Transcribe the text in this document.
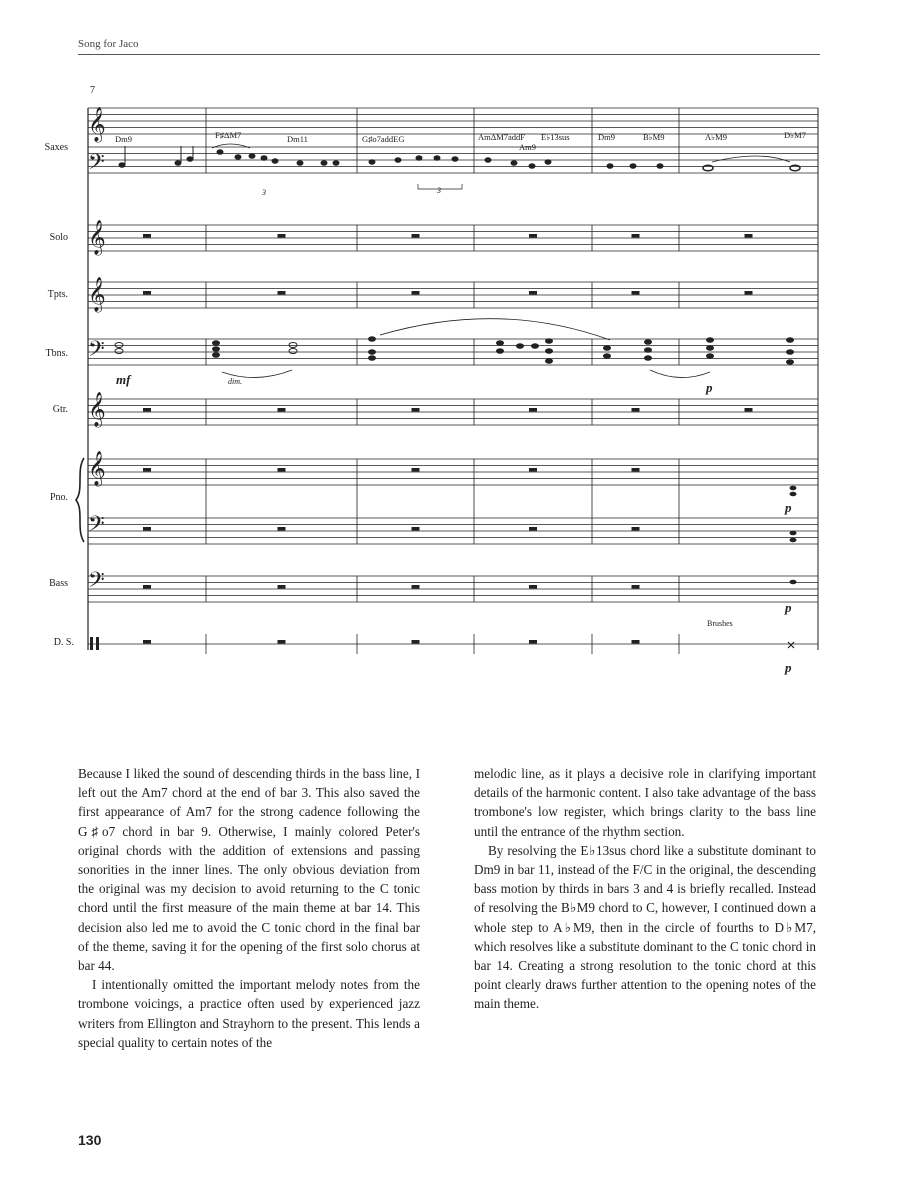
Song for Jaco
Saxes
Solo
Tpts.
Tbns.
Gtr.
Pno.
Bass
D. S.
7
Dm9	F♯ΔM7	Dm11	G♯o7addEG	AmΔM7addF E♭13sus
Am9
Dm9	B♭M9	A♭M9	D♭M7
𝄞
𝄢
𝄞
𝄞
𝄢
𝄞
𝄞
𝄢
𝄢
3
3
mf	dim.	p
p
p
p
Brushes

Because I liked the sound of descending thirds in the bass line, I left out the Am7 chord at the end of bar 3. This also saved the first appearance of Am7 for the strong cadence following the G♯o7 chord in bar 9. Otherwise, I mainly colored Peter's original chords with the addition of extensions and passing sonorities in the inner lines. The only obvious deviation from the original was my decision to avoid returning to the C tonic chord until the first measure of the main theme at bar 14. This decision also led me to avoid the C tonic chord in the final bar of the theme, saving it for the opening of the first solo chorus at bar 44.

I intentionally omitted the important melody notes from the trombone voicings, a practice often used by experienced jazz writers from Ellington and Strayhorn to the present. This lends a special quality to certain notes of the

melodic line, as it plays a decisive role in clarifying important details of the harmonic content. I also take advantage of the bass trombone's low register, which brings clarity to the bass line until the entrance of the rhythm section.

By resolving the E♭13sus chord like a substitute dominant to Dm9 in bar 11, instead of the F/C in the original, the descending bass motion by thirds in bars 3 and 4 is briefly recalled. Instead of resolving the B♭M9 chord to C, however, I continued down a whole step to A♭M9, then in the circle of fourths to D♭M7, which resolves like a substitute dominant to the C tonic chord in bar 14. Creating a strong resolution to the tonic chord at this point clearly draws further attention to the opening notes of the main theme.

130
